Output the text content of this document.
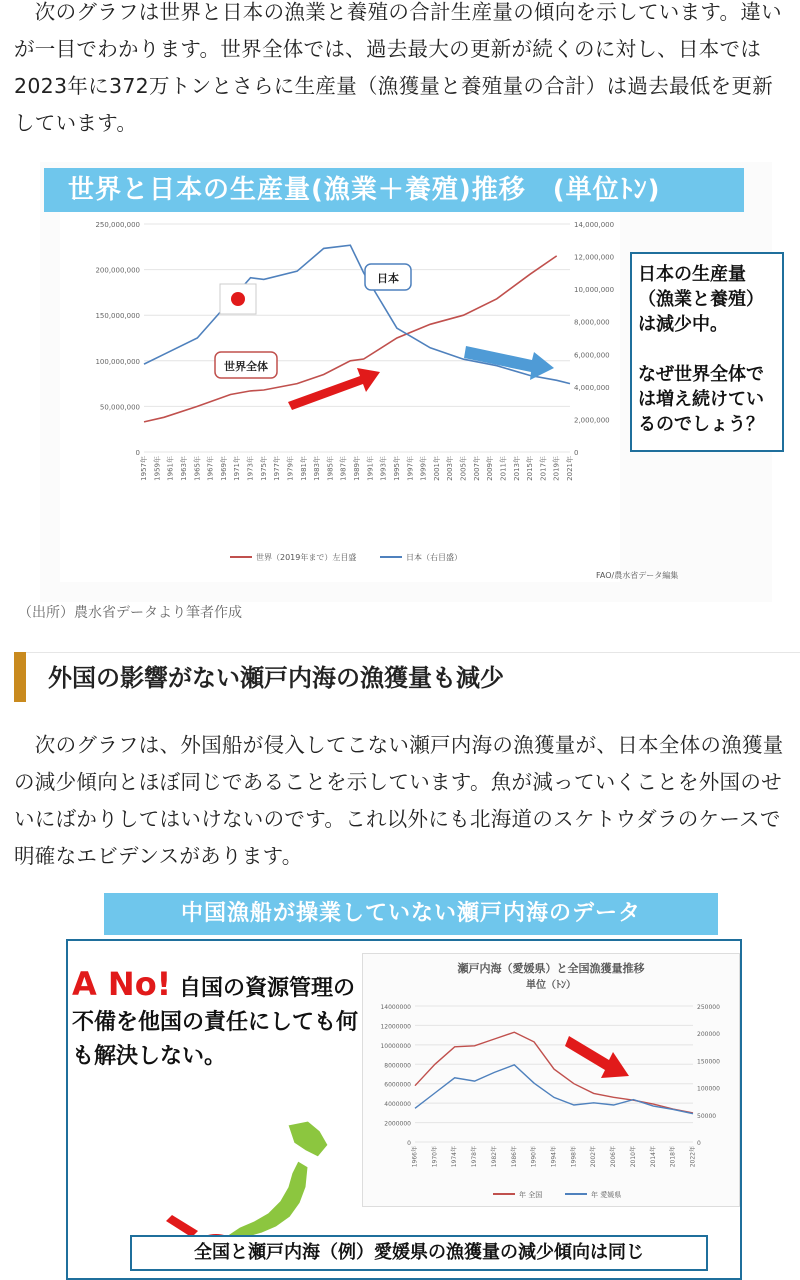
　次のグラフは世界と日本の漁業と養殖の合計生産量の傾向を示しています。違いが一目でわかります。世界全体では、過去最大の更新が続くのに対し、日本では2023年に372万トンとさらに生産量（漁獲量と養殖量の合計）は過去最低を更新しています。

世界と日本の生産量(漁業＋養殖)推移　(単位ﾄﾝ)
0
50,000,000
100,000,000
150,000,000
200,000,000
250,000,000
0
2,000,000
4,000,000
6,000,000
8,000,000
10,000,000
12,000,000
14,000,000
1957年 1959年 1961年 1963年 1965年 1967年 1969年 1971年 1973年 1975年 1977年 1979年 1981年 1983年 1985年 1987年 1989年 1991年 1993年 1995年 1997年 1999年 2001年 2003年 2005年 2007年 2009年 2011年 2013年 2015年 2017年 2019年 2021年
世界（2019年まで）左目盛	日本（右目盛）
世界全体
日本	日本の生産量
（漁業と養殖）
は減少中。

なぜ世界全体で
は増え続けてい
るのでしょう？
FAO/農水省データ編集
（出所）農水省データより筆者作成
外国の影響がない瀬戸内海の漁獲量も減少

　次のグラフは、外国船が侵入してこない瀬戸内海の漁獲量が、日本全体の漁獲量の減少傾向とほぼ同じであることを示しています。魚が減っていくことを外国のせいにばかりしてはいけないのです。これ以外にも北海道のスケトウダラのケースで明確なエビデンスがあります。

中国漁船が操業していない瀬戸内海のデータ
A No! 自国の資源管理の不備を他国の責任にしても何も解決しない。
瀬戸内海（愛媛県）と全国漁獲量推移
単位（ﾄﾝ）
0
2000000
4000000
6000000
8000000
10000000
12000000
14000000
0
50000
100000
150000
200000
250000
1966年 1970年 1974年 1978年 1982年 1986年 1990年 1994年 1998年 2002年 2006年 2010年 2014年 2018年 2022年
年 全国	年 愛媛県
全国と瀬戸内海（例）愛媛県の漁獲量の減少傾向は同じ
